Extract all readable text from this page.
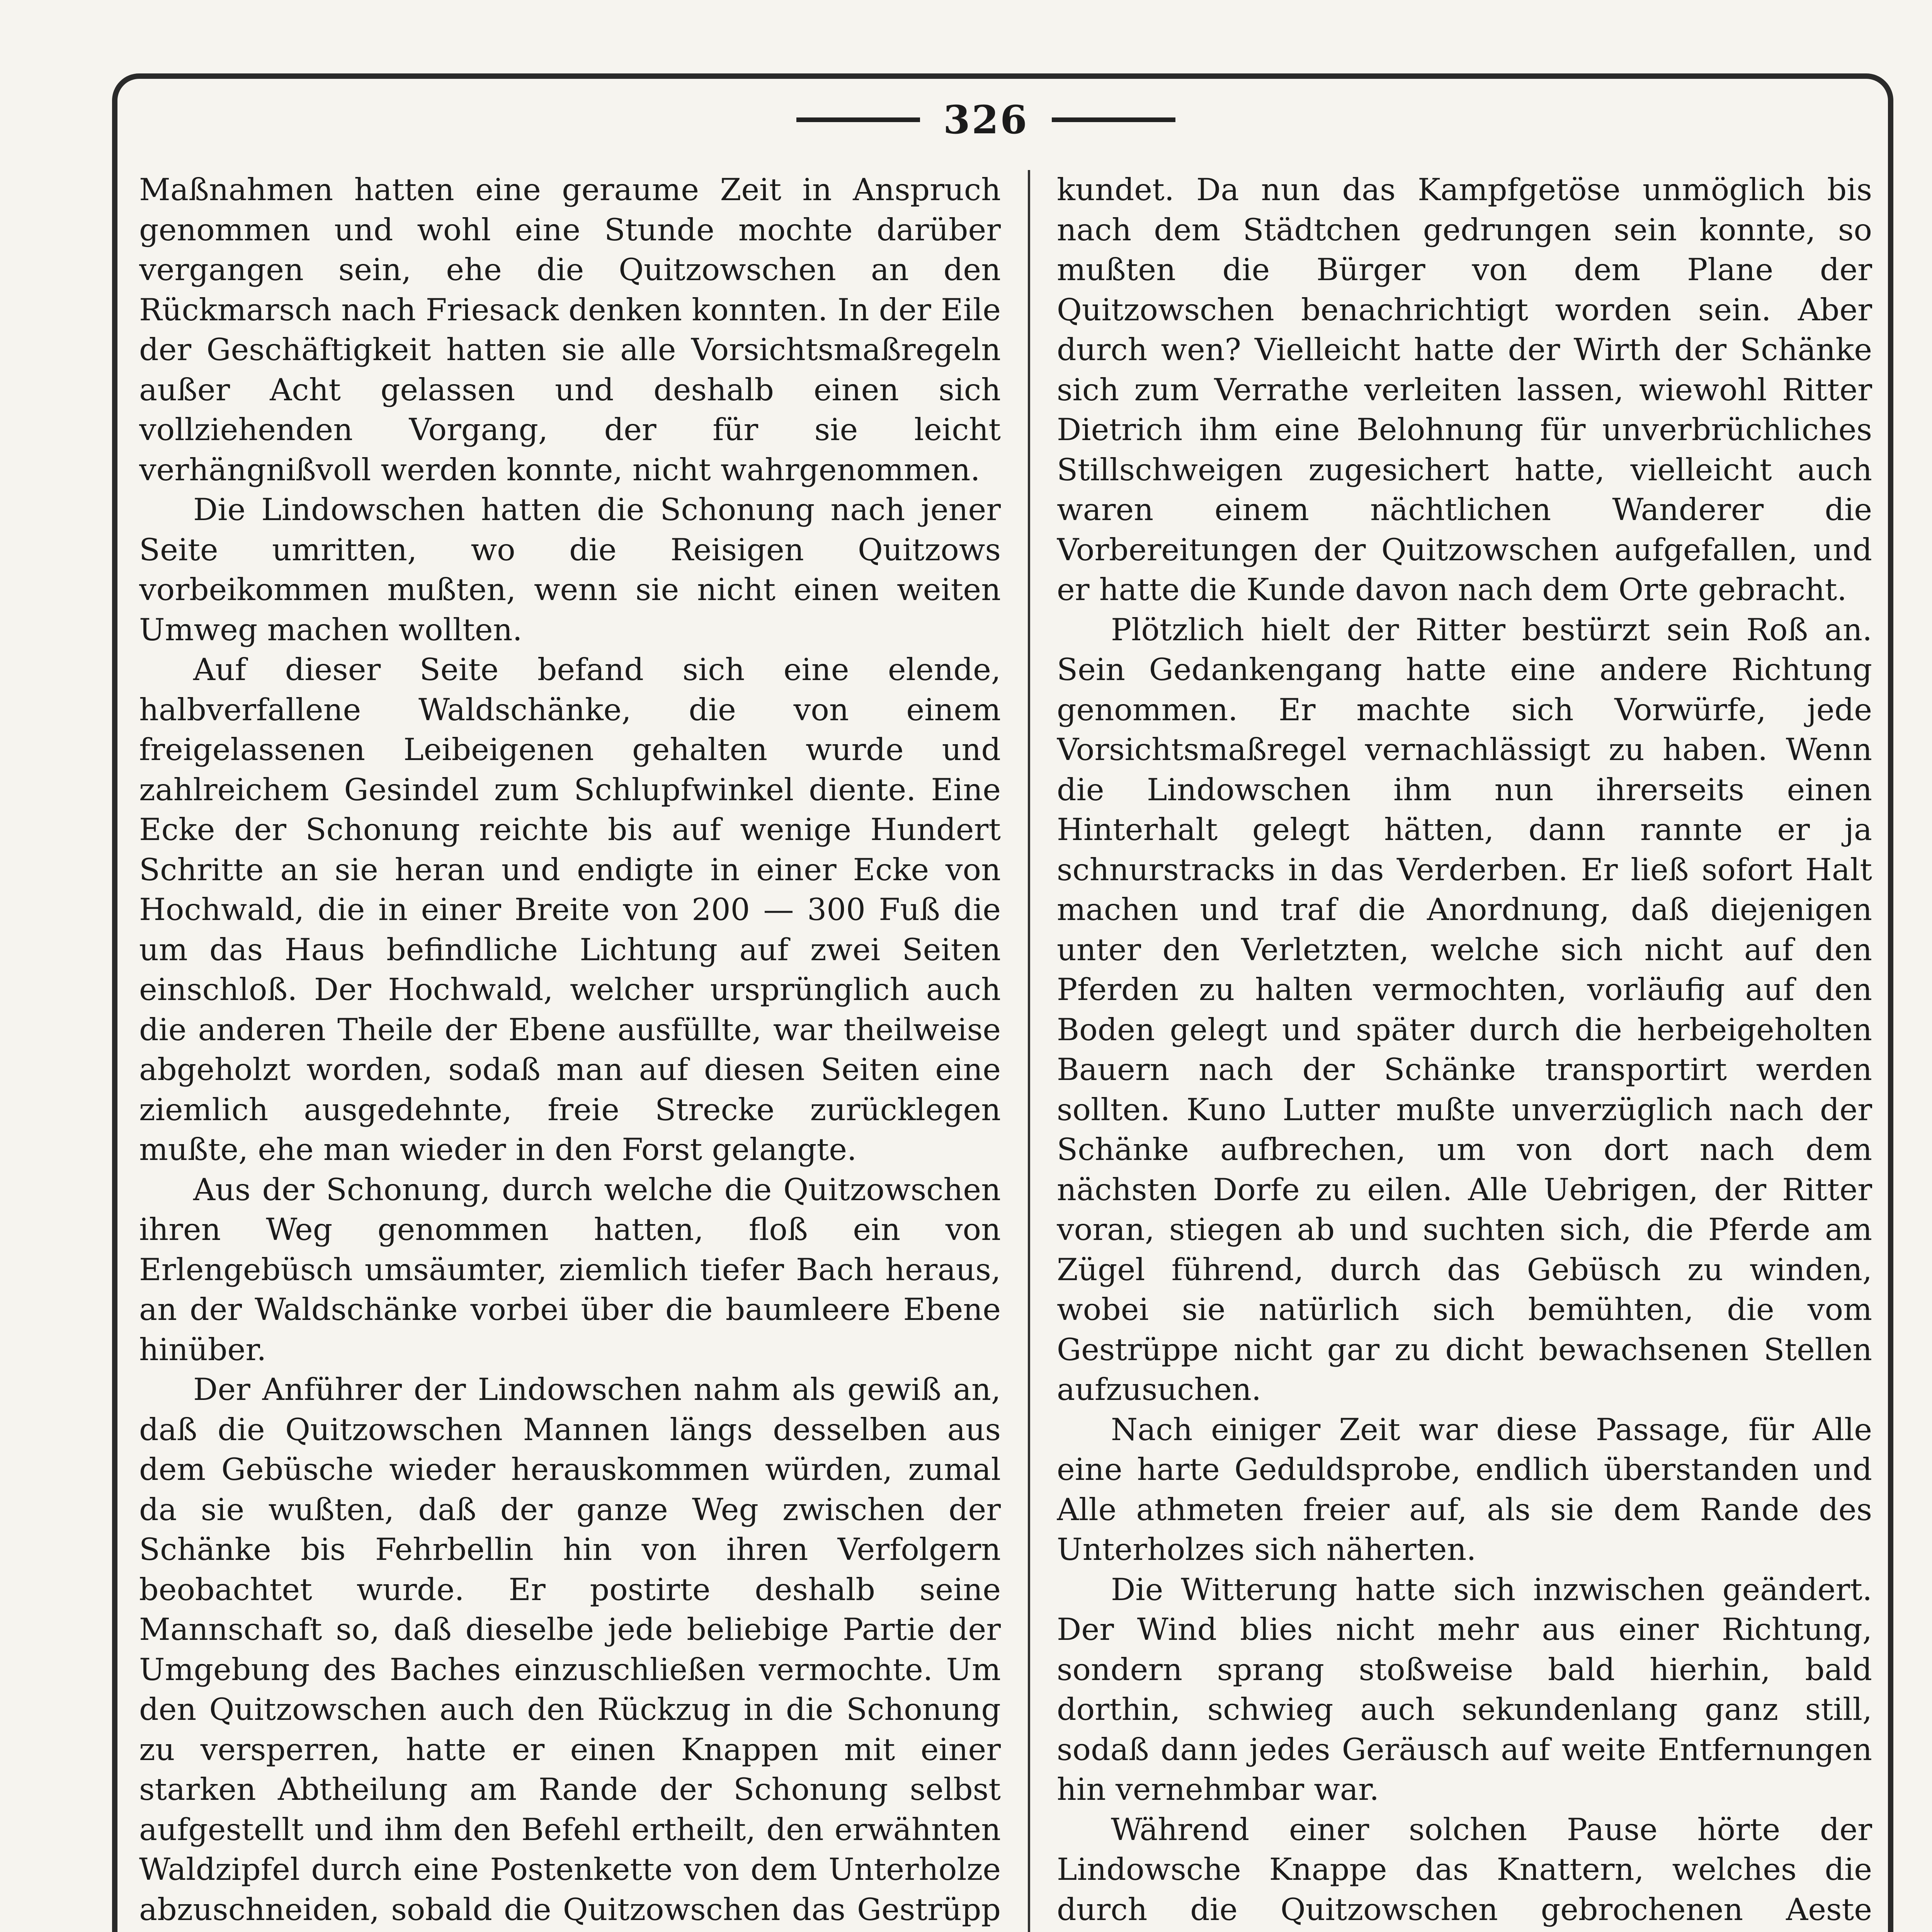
326

Maßnahmen hatten eine geraume Zeit in Anspruch genommen und wohl eine Stunde mochte darüber vergangen sein, ehe die Quitzowschen an den Rückmarsch nach Friesack denken konnten. In der Eile der Geschäftigkeit hatten sie alle Vorsichtsmaßregeln außer Acht gelassen und deshalb einen sich vollziehenden Vorgang, der für sie leicht verhängnißvoll werden konnte, nicht wahrgenommen.

Die Lindowschen hatten die Schonung nach jener Seite umritten, wo die Reisigen Quitzows vorbeikommen mußten, wenn sie nicht einen weiten Umweg machen wollten.

Auf dieser Seite befand sich eine elende, halbverfallene Waldschänke, die von einem freigelassenen Leibeigenen gehalten wurde und zahlreichem Gesindel zum Schlupfwinkel diente. Eine Ecke der Schonung reichte bis auf wenige Hundert Schritte an sie heran und endigte in einer Ecke von Hochwald, die in einer Breite von 200 — 300 Fuß die um das Haus befindliche Lichtung auf zwei Seiten einschloß. Der Hochwald, welcher ursprünglich auch die anderen Theile der Ebene ausfüllte, war theilweise abgeholzt worden, sodaß man auf diesen Seiten eine ziemlich ausgedehnte, freie Strecke zurücklegen mußte, ehe man wieder in den Forst gelangte.

Aus der Schonung, durch welche die Quitzowschen ihren Weg genommen hatten, floß ein von Erlengebüsch umsäumter, ziemlich tiefer Bach heraus, an der Waldschänke vorbei über die baumleere Ebene hinüber.

Der Anführer der Lindowschen nahm als gewiß an, daß die Quitzowschen Mannen längs desselben aus dem Gebüsche wieder herauskommen würden, zumal da sie wußten, daß der ganze Weg zwischen der Schänke bis Fehrbellin hin von ihren Verfolgern beobachtet wurde. Er postirte deshalb seine Mannschaft so, daß dieselbe jede beliebige Partie der Umgebung des Baches einzuschließen vermochte. Um den Quitzowschen auch den Rückzug in die Schonung zu versperren, hatte er einen Knappen mit einer starken Abtheilung am Rande der Schonung selbst aufgestellt und ihm den Befehl ertheilt, den erwähnten Waldzipfel durch eine Postenkette von dem Unterholze abzuschneiden, sobald die Quitzowschen das Gestrüpp

kundet. Da nun das Kampfgetöse unmöglich bis nach dem Städtchen gedrungen sein konnte, so mußten die Bürger von dem Plane der Quitzowschen benachrichtigt worden sein. Aber durch wen? Vielleicht hatte der Wirth der Schänke sich zum Verrathe verleiten lassen, wiewohl Ritter Dietrich ihm eine Belohnung für unverbrüchliches Stillschweigen zugesichert hatte, vielleicht auch waren einem nächtlichen Wanderer die Vorbereitungen der Quitzowschen aufgefallen, und er hatte die Kunde davon nach dem Orte gebracht.

Plötzlich hielt der Ritter bestürzt sein Roß an. Sein Gedankengang hatte eine andere Richtung genommen. Er machte sich Vorwürfe, jede Vorsichtsmaßregel vernachlässigt zu haben. Wenn die Lindowschen ihm nun ihrerseits einen Hinterhalt gelegt hätten, dann rannte er ja schnurstracks in das Verderben. Er ließ sofort Halt machen und traf die Anordnung, daß diejenigen unter den Verletzten, welche sich nicht auf den Pferden zu halten vermochten, vorläufig auf den Boden gelegt und später durch die herbeigeholten Bauern nach der Schänke transportirt werden sollten. Kuno Lutter mußte unverzüglich nach der Schänke aufbrechen, um von dort nach dem nächsten Dorfe zu eilen. Alle Uebrigen, der Ritter voran, stiegen ab und suchten sich, die Pferde am Zügel führend, durch das Gebüsch zu winden, wobei sie natürlich sich bemühten, die vom Gestrüppe nicht gar zu dicht bewachsenen Stellen aufzusuchen.

Nach einiger Zeit war diese Passage, für Alle eine harte Geduldsprobe, endlich überstanden und Alle athmeten freier auf, als sie dem Rande des Unterholzes sich näherten.

Die Witterung hatte sich inzwischen geändert. Der Wind blies nicht mehr aus einer Richtung, sondern sprang stoßweise bald hierhin, bald dorthin, schwieg auch sekundenlang ganz still, sodaß dann jedes Geräusch auf weite Entfernungen hin vernehmbar war.

Während einer solchen Pause hörte der Lindowsche Knappe das Knattern, welches die durch die Quitzowschen gebrochenen Aeste
